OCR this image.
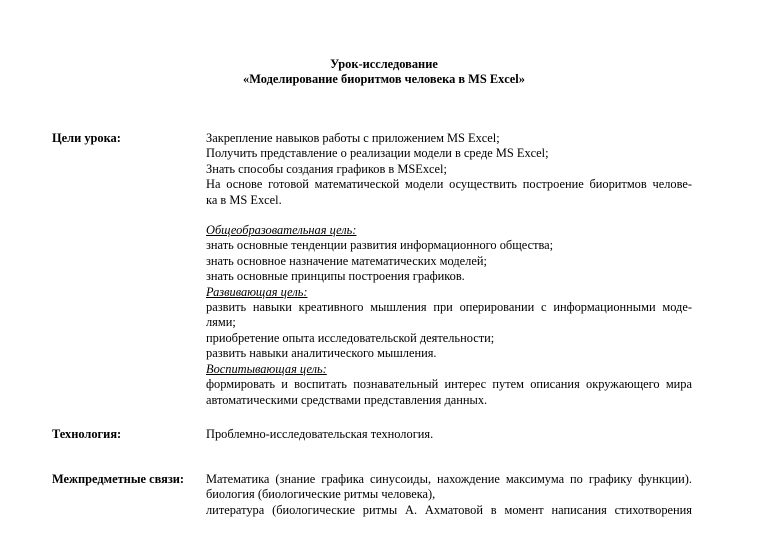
Урок-исследование
«Моделирование биоритмов человека в MS Excel»
Цели урока:	Закрепление навыков работы с приложением MS Excel;
Получить представление о реализации модели в среде MS Excel;
Знать способы создания графиков в MSExcel;
На основе готовой математической модели осуществить построение биоритмов челове-
ка в MS Excel.
Общеобразовательная цель:
знать основные тенденции развития информационного общества;
знать основное назначение математических моделей;
знать основные принципы построения графиков.
Развивающая цель:
развить навыки креативного мышления при оперировании с информационными моде-
лями;
приобретение опыта исследовательской деятельности;
развить навыки аналитического мышления.
Воспитывающая цель:
формировать и воспитать познавательный интерес путем описания окружающего мира
автоматическими средствами представления данных.
Технология:	Проблемно-исследовательская технология.
Межпредметные связи: Математика (знание графика синусоиды, нахождение максимума по графику функции).
биология (биологические ритмы человека),
литература (биологические ритмы А. Ахматовой в момент написания стихотворения
